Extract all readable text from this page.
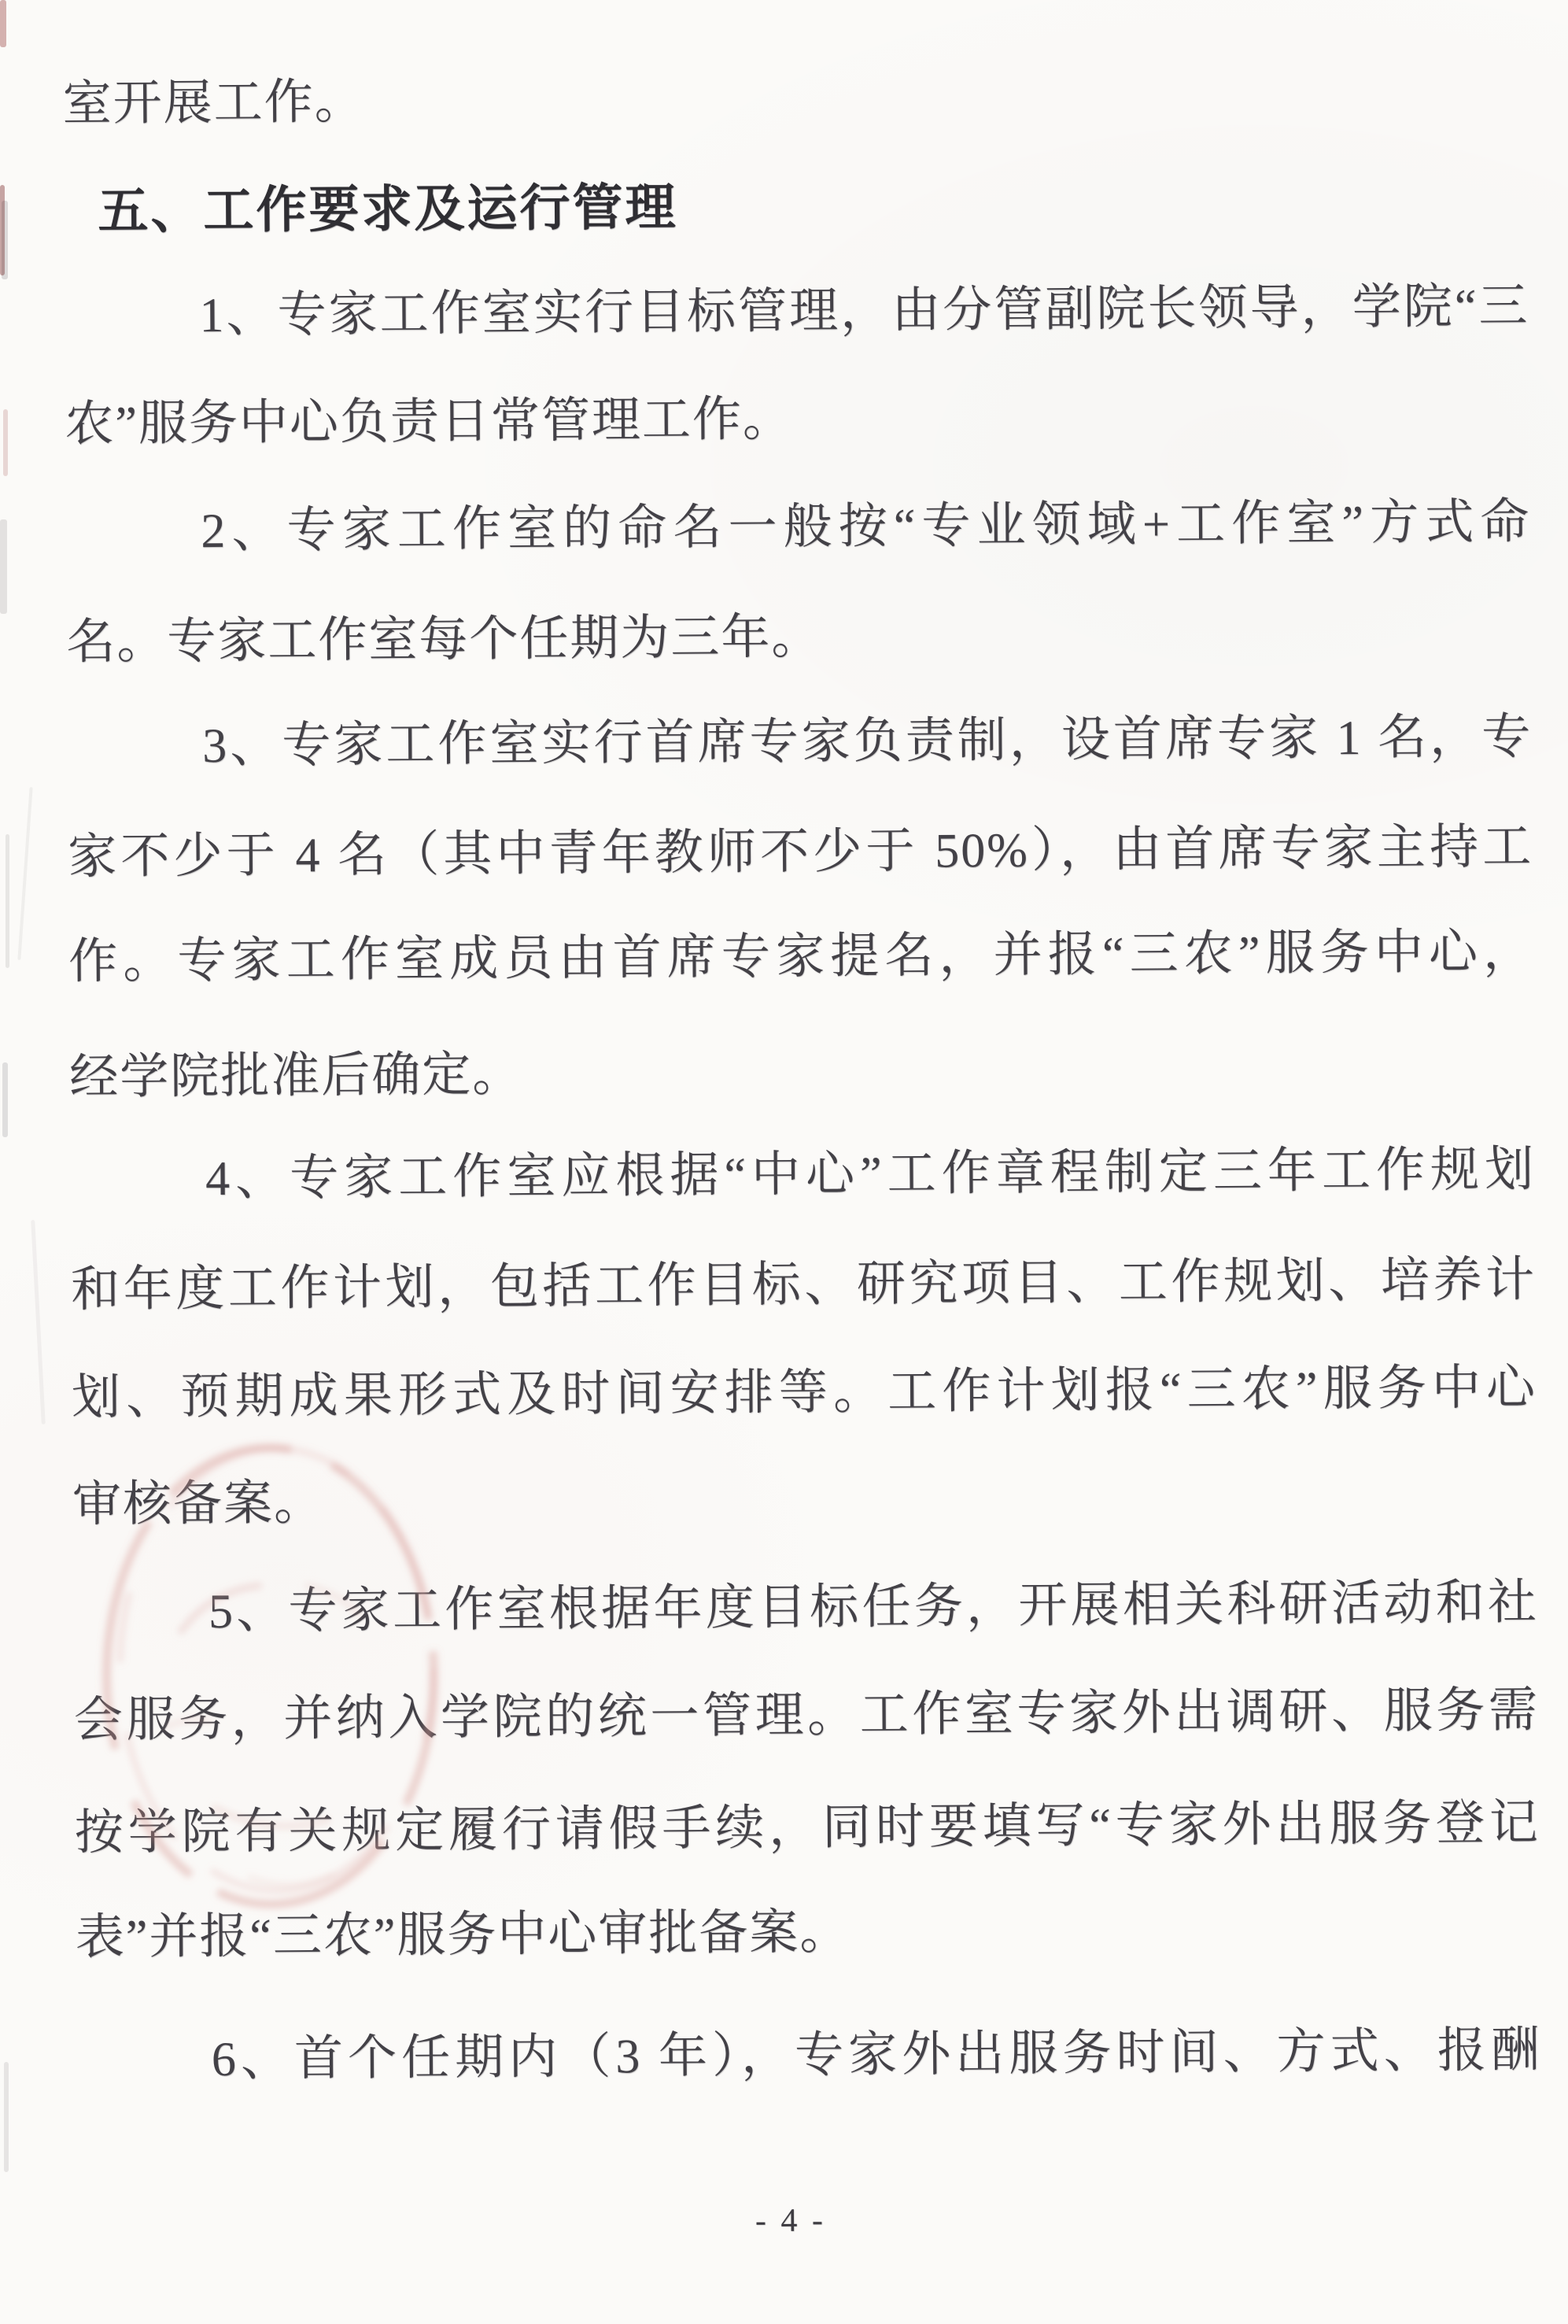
室开展工作。
五、工作要求及运行管理
1、专家工作室实行目标管理，由分管副院长领导，学院“三
农”服务中心负责日常管理工作。
2、专家工作室的命名一般按“专业领域+工作室”方式命
名。专家工作室每个任期为三年。
3、专家工作室实行首席专家负责制，设首席专家 1 名，专
家不少于 4 名（其中青年教师不少于 50%），由首席专家主持工
作。专家工作室成员由首席专家提名，并报“三农”服务中心，
经学院批准后确定。
4、专家工作室应根据“中心”工作章程制定三年工作规划
和年度工作计划，包括工作目标、研究项目、工作规划、培养计
划、预期成果形式及时间安排等。工作计划报“三农”服务中心
审核备案。
5、专家工作室根据年度目标任务，开展相关科研活动和社
会服务，并纳入学院的统一管理。工作室专家外出调研、服务需
按学院有关规定履行请假手续，同时要填写“专家外出服务登记
表”并报“三农”服务中心审批备案。
6、首个任期内（3 年），专家外出服务时间、方式、报酬
- 4 -
